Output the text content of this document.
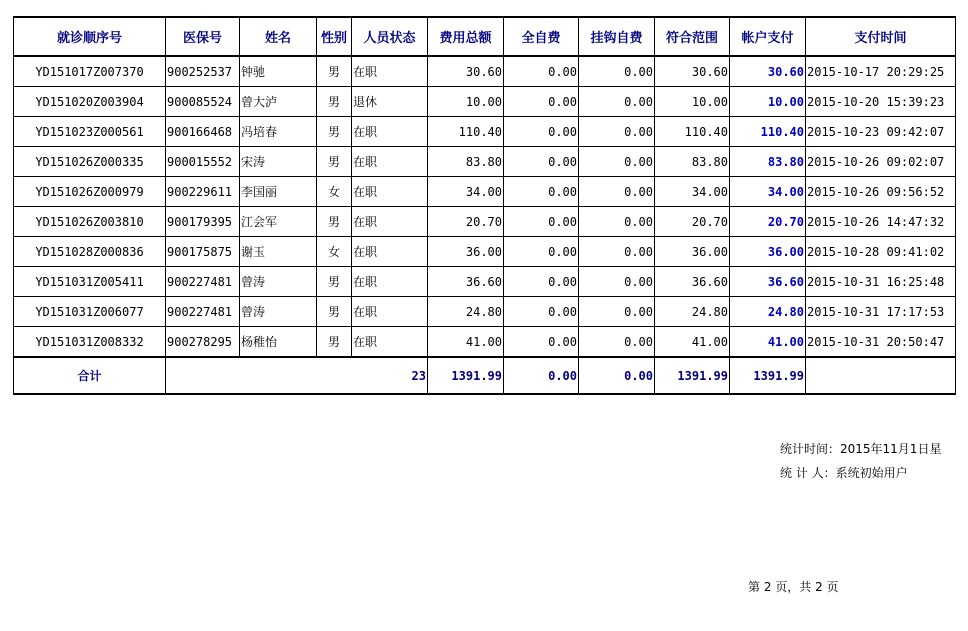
就诊顺序号	医保号	姓名	性别	人员状态	费用总额	全自费	挂钩自费	符合范围	帐户支付	支付时间
YD151017Z007370	900252537	钟驰	男	在职	30.60	0.00	0.00	30.60	30.60	2015-10-17 20:29:25
YD151020Z003904	900085524	曾大泸	男	退休	10.00	0.00	0.00	10.00	10.00	2015-10-20 15:39:23
YD151023Z000561	900166468	冯培春	男	在职	110.40	0.00	0.00	110.40	110.40	2015-10-23 09:42:07
YD151026Z000335	900015552	宋涛	男	在职	83.80	0.00	0.00	83.80	83.80	2015-10-26 09:02:07
YD151026Z000979	900229611	李国丽	女	在职	34.00	0.00	0.00	34.00	34.00	2015-10-26 09:56:52
YD151026Z003810	900179395	江会军	男	在职	20.70	0.00	0.00	20.70	20.70	2015-10-26 14:47:32
YD151028Z000836	900175875	谢玉	女	在职	36.00	0.00	0.00	36.00	36.00	2015-10-28 09:41:02
YD151031Z005411	900227481	曾涛	男	在职	36.60	0.00	0.00	36.60	36.60	2015-10-31 16:25:48
YD151031Z006077	900227481	曾涛	男	在职	24.80	0.00	0.00	24.80	24.80	2015-10-31 17:17:53
YD151031Z008332	900278295	杨稚怡	男	在职	41.00	0.00	0.00	41.00	41.00	2015-10-31 20:50:47
合计	23				1391.99	0.00	0.00	1391.99	1391.99	
统计时间：2015年11月1日星
统 计 人：系统初始用户
第 2 页，共 2 页
